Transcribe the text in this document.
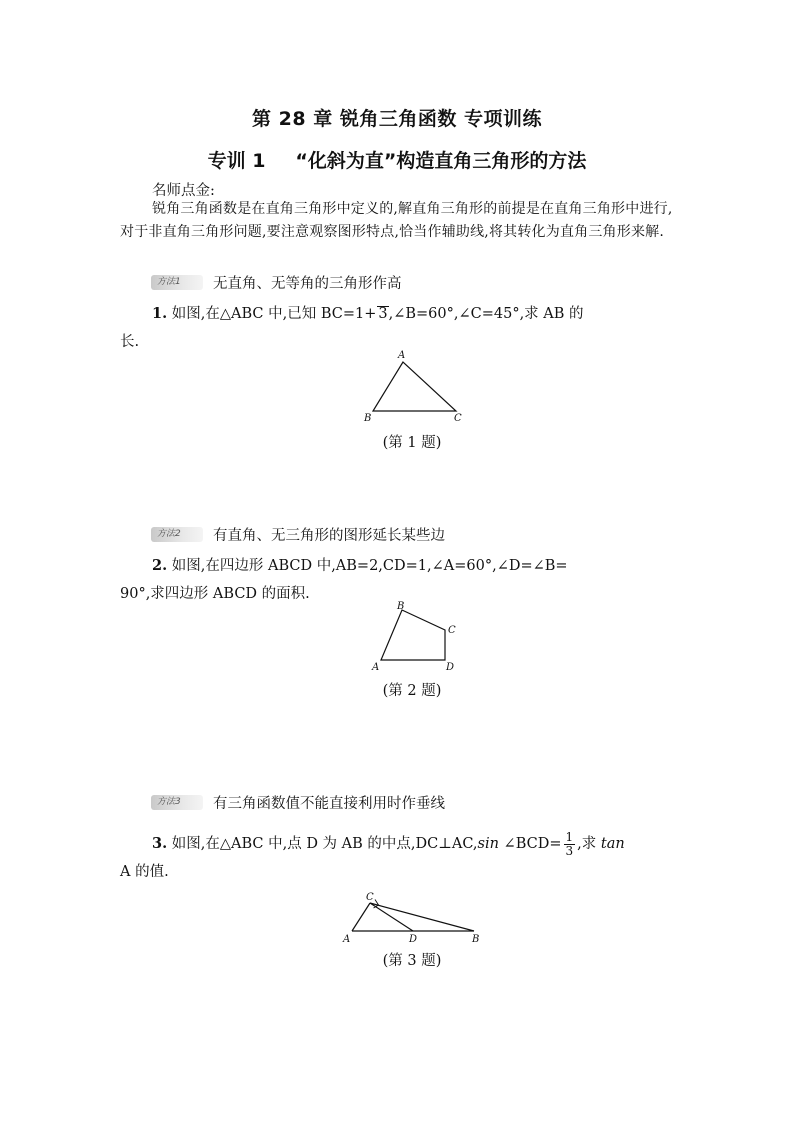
第 28 章 锐角三角函数 专项训练
专训 1 “化斜为直”构造直角三角形的方法
名师点金:
锐角三角函数是在直角三角形中定义的,解直角三角形的前提是在直角三角形中进行,对于非直角三角形问题,要注意观察图形特点,恰当作辅助线,将其转化为直角三角形来解.
方法1	无直角、无等角的三角形作高
1. 如图,在△ABC 中,已知 BC=1+ 3,∠B=60°,∠C=45°,求 AB 的
长.
A
B	C
(第 1 题)
方法2	有直角、无三角形的图形延长某些边
2. 如图,在四边形 ABCD 中,AB=2,CD=1,∠A=60°,∠D=∠B=
90°,求四边形 ABCD 的面积.
A
B
C
D
(第 2 题)
方法3	有三角函数值不能直接利用时作垂线
3. 如图,在△ABC 中,点 D 为 AB 的中点,DC⊥AC,sin ∠BCD= $\frac{1}{3}$ ,求 tan
A 的值.
C
A	D	B
(第 3 题)
